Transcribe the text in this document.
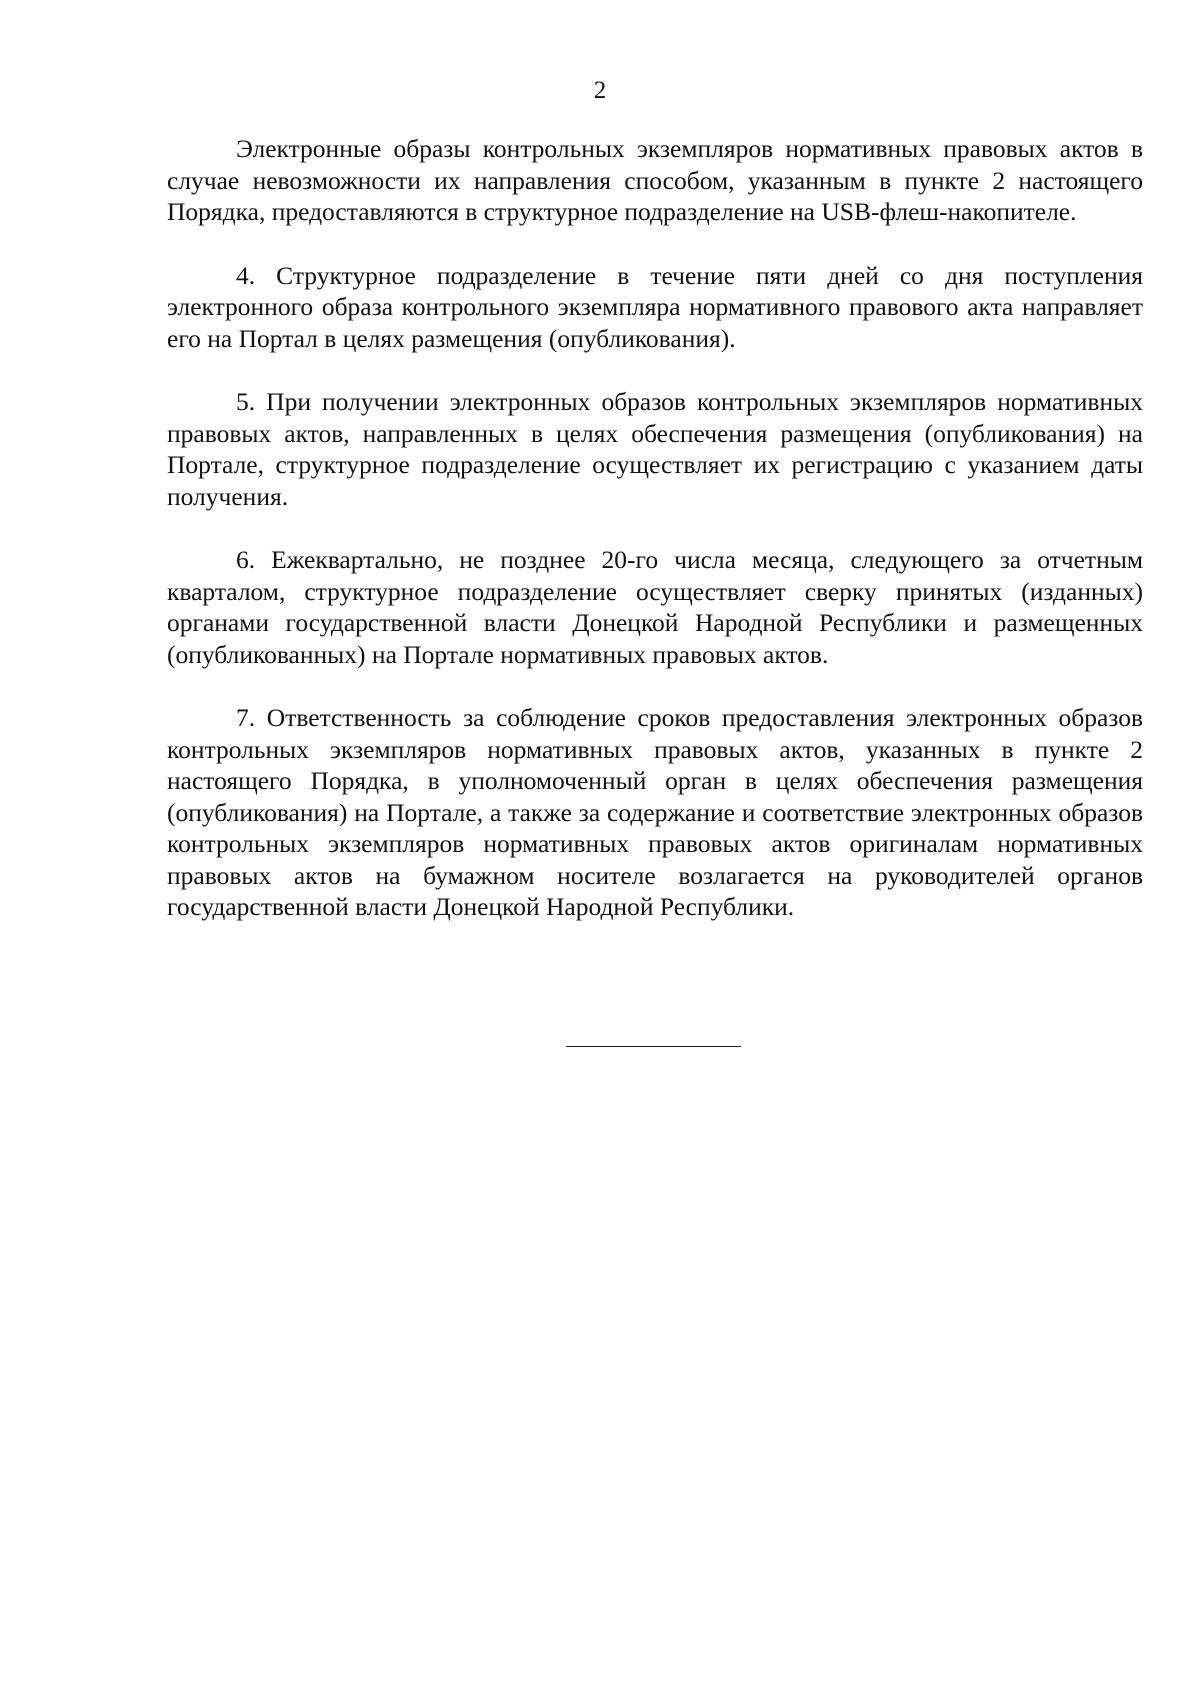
2

Электронные образы контрольных экземпляров нормативных правовых актов в случае невозможности их направления способом, указанным в пункте 2 настоящего Порядка, предоставляются в структурное подразделение на USB-флеш-накопителе.

4. Структурное подразделение в течение пяти дней со дня поступления электронного образа контрольного экземпляра нормативного правового акта направляет его на Портал в целях размещения (опубликования).

5. При получении электронных образов контрольных экземпляров нормативных правовых актов, направленных в целях обеспечения размещения (опубликования) на Портале, структурное подразделение осуществляет их регистрацию с указанием даты получения.

6. Ежеквартально, не позднее 20-го числа месяца, следующего за отчетным кварталом, структурное подразделение осуществляет сверку принятых (изданных) органами государственной власти Донецкой Народной Республики и размещенных (опубликованных) на Портале нормативных правовых актов.

7. Ответственность за соблюдение сроков предоставления электронных образов контрольных экземпляров нормативных правовых актов, указанных в пункте 2 настоящего Порядка, в уполномоченный орган в целях обеспечения размещения (опубликования) на Портале, а также за содержание и соответствие электронных образов контрольных экземпляров нормативных правовых актов оригиналам нормативных правовых актов на бумажном носителе возлагается на руководителей органов государственной власти Донецкой Народной Республики.
